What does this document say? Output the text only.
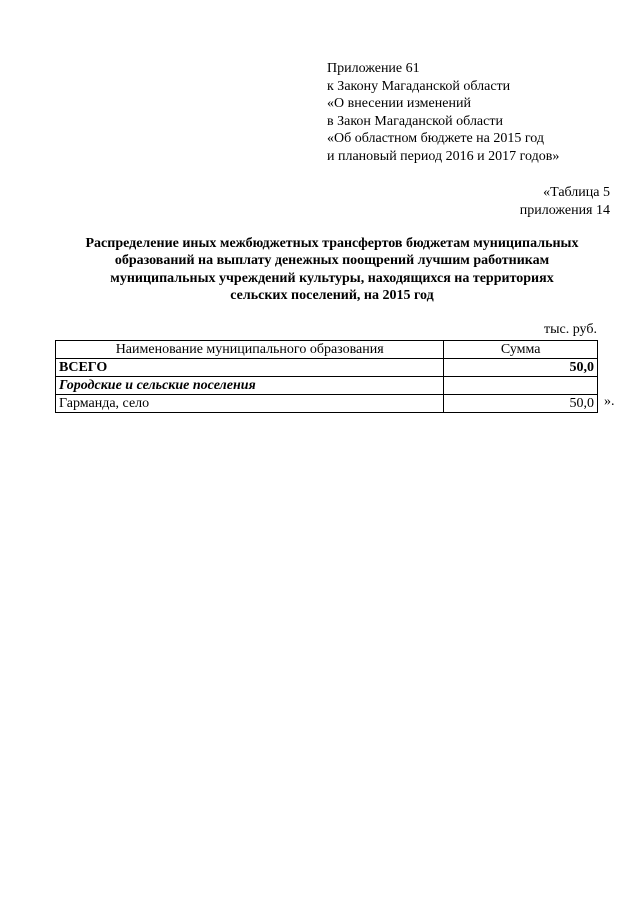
Приложение 61
к Закону Магаданской области
«О внесении изменений
в Закон Магаданской области
«Об областном бюджете на 2015 год
и плановый период 2016 и 2017 годов»
«Таблица 5
приложения 14
Распределение иных межбюджетных трансфертов бюджетам муниципальных
образований на выплату денежных поощрений лучшим работникам
муниципальных учреждений культуры, находящихся на территориях
сельских поселений, на 2015 год
тыс. руб.
Наименование муниципального образования	Сумма
ВСЕГО	50,0
Городские и сельские поселения	
Гарманда, село	50,0 ».
